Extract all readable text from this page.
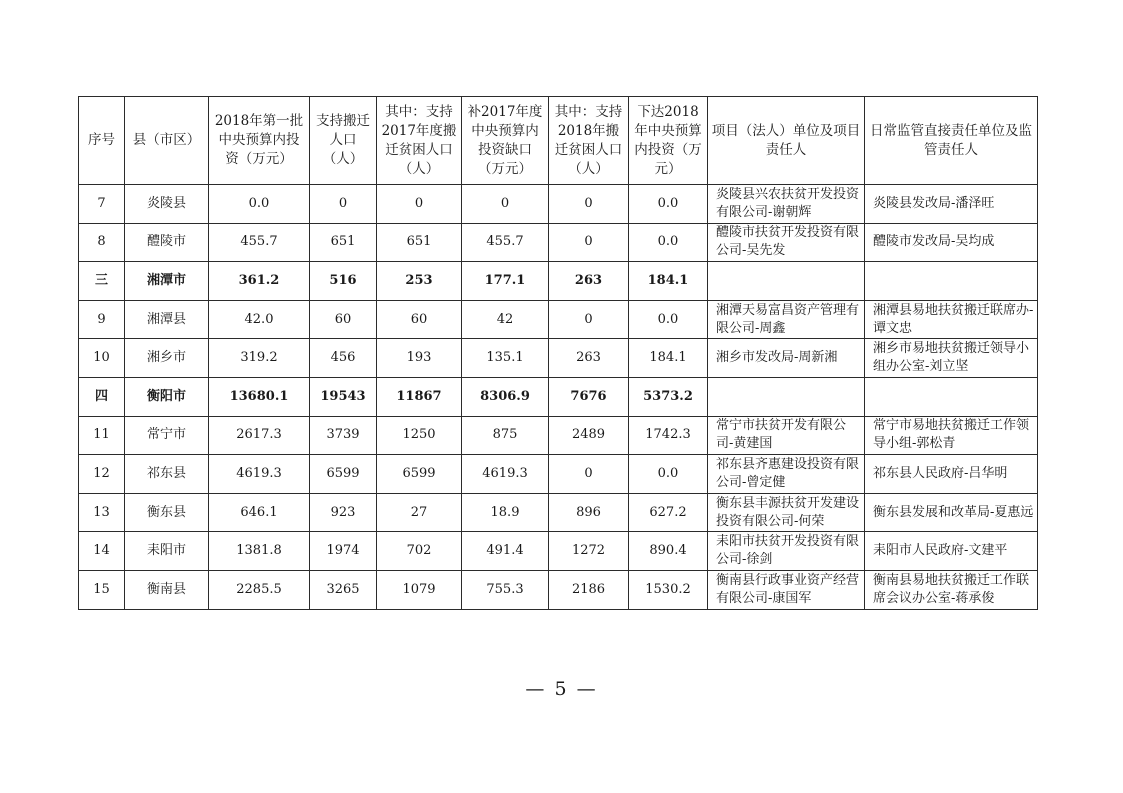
序号	县（市区）	2018年第一批中央预算内投资（万元）	支持搬迁人口（人）	其中：支持2017年度搬迁贫困人口（人）	补2017年度中央预算内投资缺口（万元）	其中：支持2018年搬迁贫困人口（人）	下达2018年中央预算内投资（万元）	项目（法人）单位及项目责任人	日常监管直接责任单位及监管责任人
7	炎陵县	0.0	0	0	0	0	0.0	炎陵县兴农扶贫开发投资有限公司-谢朝辉	炎陵县发改局-潘泽旺
8	醴陵市	455.7	651	651	455.7	0	0.0	醴陵市扶贫开发投资有限公司-吴先发	醴陵市发改局-吴均成
三	湘潭市	361.2	516	253	177.1	263	184.1		
9	湘潭县	42.0	60	60	42	0	0.0	湘潭天易富昌资产管理有限公司-周鑫	湘潭县易地扶贫搬迁联席办-谭文忠
10	湘乡市	319.2	456	193	135.1	263	184.1	湘乡市发改局-周新湘	湘乡市易地扶贫搬迁领导小组办公室-刘立坚
四	衡阳市	13680.1	19543	11867	8306.9	7676	5373.2		
11	常宁市	2617.3	3739	1250	875	2489	1742.3	常宁市扶贫开发有限公司-黄建国	常宁市易地扶贫搬迁工作领导小组-郭松青
12	祁东县	4619.3	6599	6599	4619.3	0	0.0	祁东县齐惠建设投资有限公司-曾定健	祁东县人民政府-吕华明
13	衡东县	646.1	923	27	18.9	896	627.2	衡东县丰源扶贫开发建设投资有限公司-何荣	衡东县发展和改革局-夏惠远
14	耒阳市	1381.8	1974	702	491.4	1272	890.4	耒阳市扶贫开发投资有限公司-徐剑	耒阳市人民政府-文建平
15	衡南县	2285.5	3265	1079	755.3	2186	1530.2	衡南县行政事业资产经营有限公司-康国军	衡南县易地扶贫搬迁工作联席会议办公室-蒋承俊
— 5 —
